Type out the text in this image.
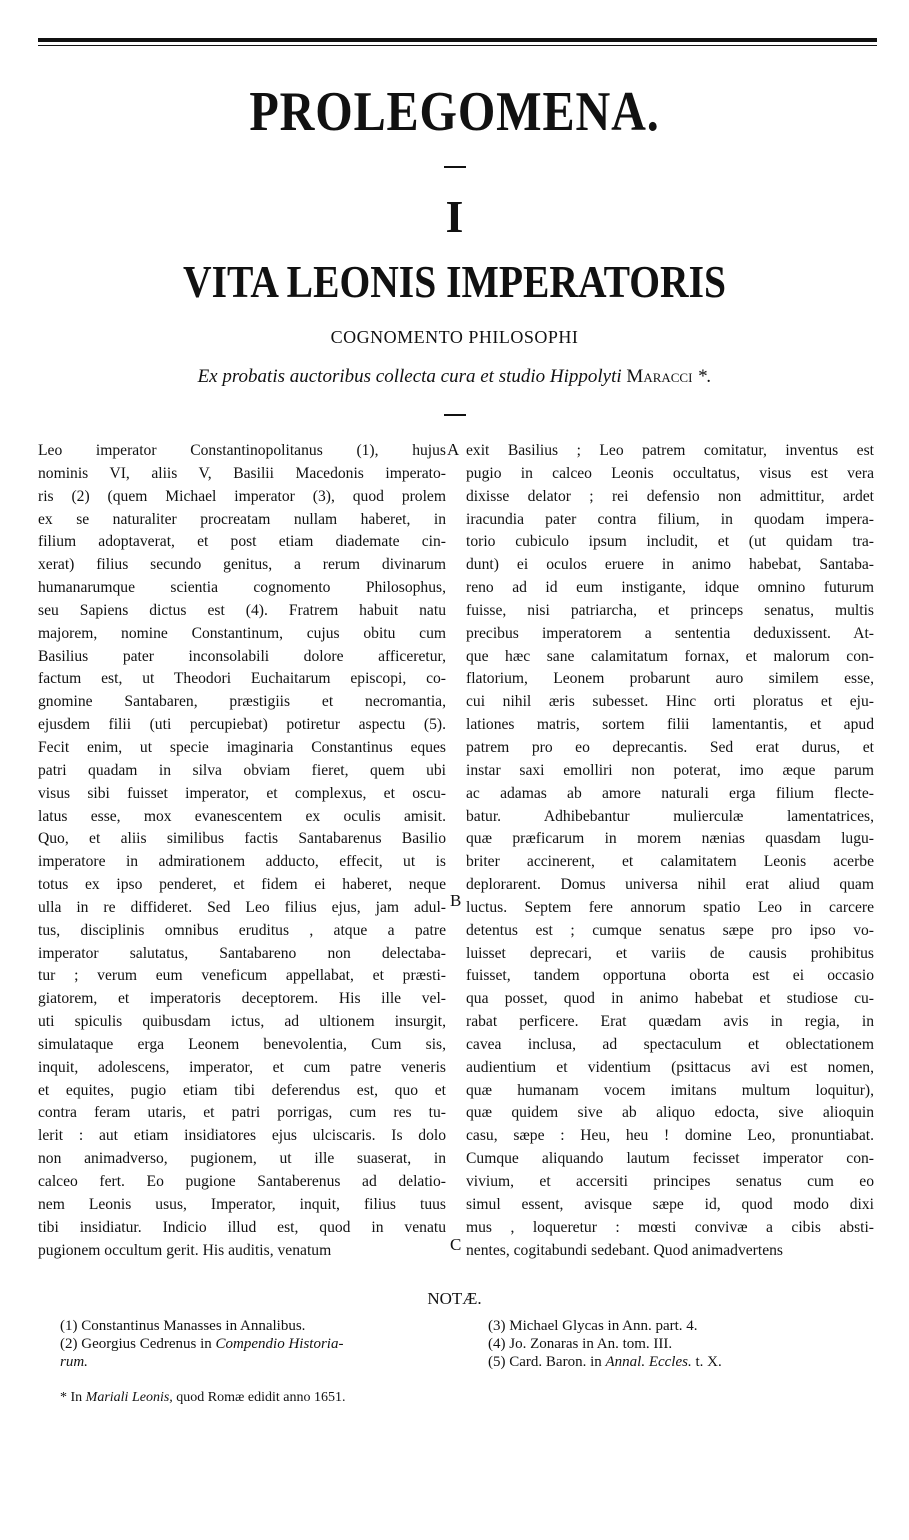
PROLEGOMENA.
I
VITA LEONIS IMPERATORIS
COGNOMENTO PHILOSOPHI
Ex probatis auctoribus collecta cura et studio Hippolyti Maracci *.
Leo imperator Constantinopolitanus (1), hujus
nominis VI, aliis V, Basilii Macedonis imperato-
ris (2) (quem Michael imperator (3), quod prolem
ex se naturaliter procreatam nullam haberet, in
filium adoptaverat, et post etiam diademate cin-
xerat) filius secundo genitus, a rerum divinarum
humanarumque scientia cognomento Philosophus,
seu Sapiens dictus est (4). Fratrem habuit natu
majorem, nomine Constantinum, cujus obitu cum
Basilius pater inconsolabili dolore afficeretur,
factum est, ut Theodori Euchaitarum episcopi, co-
gnomine Santabaren, præstigiis et necromantia,
ejusdem filii (uti percupiebat) potiretur aspectu (5).
Fecit enim, ut specie imaginaria Constantinus eques
patri quadam in silva obviam fieret, quem ubi
visus sibi fuisset imperator, et complexus, et oscu-
latus esse, mox evanescentem ex oculis amisit.
Quo, et aliis similibus factis Santabarenus Basilio
imperatore in admirationem adducto, effecit, ut is
totus ex ipso penderet, et fidem ei haberet, neque
ulla in re diffideret. Sed Leo filius ejus, jam adul-
tus, disciplinis omnibus eruditus , atque a patre
imperator salutatus, Santabareno non delectaba-
tur ; verum eum veneficum appellabat, et præsti-
giatorem, et imperatoris deceptorem. His ille vel-
uti spiculis quibusdam ictus, ad ultionem insurgit,
simulataque erga Leonem benevolentia, Cum sis,
inquit, adolescens, imperator, et cum patre veneris
et equites, pugio etiam tibi deferendus est, quo et
contra feram utaris, et patri porrigas, cum res tu-
lerit : aut etiam insidiatores ejus ulciscaris. Is dolo
non animadverso, pugionem, ut ille suaserat, in
calceo fert. Eo pugione Santaberenus ad delatio-
nem Leonis usus, Imperator, inquit, filius tuus
tibi insidiatur. Indicio illud est, quod in venatu
pugionem occultum gerit. His auditis, venatum
exit Basilius ; Leo patrem comitatur, inventus est
pugio in calceo Leonis occultatus, visus est vera
dixisse delator ; rei defensio non admittitur, ardet
iracundia pater contra filium, in quodam impera-
torio cubiculo ipsum includit, et (ut quidam tra-
dunt) ei oculos eruere in animo habebat, Santaba-
reno ad id eum instigante, idque omnino futurum
fuisse, nisi patriarcha, et princeps senatus, multis
precibus imperatorem a sententia deduxissent. At-
que hæc sane calamitatum fornax, et malorum con-
flatorium, Leonem probarunt auro similem esse,
cui nihil æris subesset. Hinc orti ploratus et eju-
lationes matris, sortem filii lamentantis, et apud
patrem pro eo deprecantis. Sed erat durus, et
instar saxi emolliri non poterat, imo æque parum
ac adamas ab amore naturali erga filium flecte-
batur. Adhibebantur mulierculæ lamentatrices,
quæ præficarum in morem nænias quasdam lugu-
briter accinerent, et calamitatem Leonis acerbe
deplorarent. Domus universa nihil erat aliud quam
luctus. Septem fere annorum spatio Leo in carcere
detentus est ; cumque senatus sæpe pro ipso vo-
luisset deprecari, et variis de causis prohibitus
fuisset, tandem opportuna oborta est ei occasio
qua posset, quod in animo habebat et studiose cu-
rabat perficere. Erat quædam avis in regia, in
cavea inclusa, ad spectaculum et oblectationem
audientium et videntium (psittacus avi est nomen,
quæ humanam vocem imitans multum loquitur),
quæ quidem sive ab aliquo edocta, sive alioquin
casu, sæpe : Heu, heu ! domine Leo, pronuntiabat.
Cumque aliquando lautum fecisset imperator con-
vivium, et accersiti principes senatus cum eo
simul essent, avisque sæpe id, quod modo dixi
mus , loqueretur : mœsti convivæ a cibis absti-
nentes, cogitabundi sedebant. Quod animadvertens
A
B
C
NOTÆ.
(1) Constantinus Manasses in Annalibus.
(2) Georgius Cedrenus in Compendio Historia-
rum.
(3) Michael Glycas in Ann. part. 4.
(4) Jo. Zonaras in An. tom. III.
(5) Card. Baron. in Annal. Eccles. t. X.
* In Mariali Leonis, quod Romæ edidit anno 1651.
